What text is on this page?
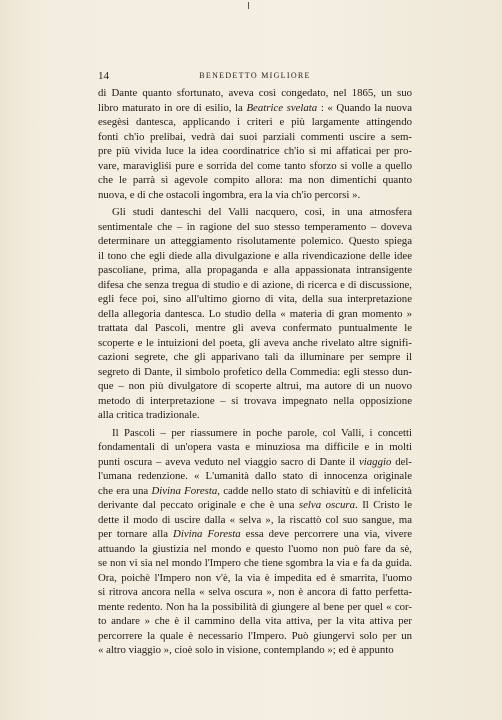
14	BENEDETTO MIGLIORE
di Dante quanto sfortunato, aveva così congedato, nel 1865, un suo
libro maturato in ore di esilio, la Beatrice svelata : « Quando la nuova
esegèsi dantesca, applicando i criteri e più largamente attingendo
fonti ch'io prelibai, vedrà dai suoi parziali commenti uscire a sem-
pre più vivida luce la idea coordinatrice ch'io sì mi affaticai per pro-
vare, maravigliśi pure e sorrida del come tanto sforzo si volle a quello
che le parrà sì agevole compito allora: ma non dimentichi quanto
nuova, e di che ostacoli ingombra, era la via ch'io percorsi ».
Gli studi danteschi del Valli nacquero, così, in una atmosfera
sentimentale che – in ragione del suo stesso temperamento – doveva
determinare un atteggiamento risolutamente polemico. Questo spiega
il tono che egli diede alla divulgazione e alla rivendicazione delle idee
pascoliane, prima, alla propaganda e alla appassionata intransigente
difesa che senza tregua di studio e di azione, di ricerca e di discussione,
egli fece poi, sino all'ultimo giorno di vita, della sua interpretazione
della allegoria dantesca. Lo studio della « materia di gran momento »
trattata dal Pascoli, mentre gli aveva confermato puntualmente le
scoperte e le intuizioni del poeta, gli aveva anche rivelato altre signifi-
cazioni segrete, che gli apparivano tali da illuminare per sempre il
segreto di Dante, il simbolo profetico della Commedia: egli stesso dun-
que – non più divulgatore di scoperte altrui, ma autore di un nuovo
metodo di interpretazione – si trovava impegnato nella opposizione
alla critica tradizionale.
Il Pascoli – per riassumere in poche parole, col Valli, i concetti
fondamentali di un'opera vasta e minuziosa ma difficile e in molti
punti oscura – aveva veduto nel viaggio sacro di Dante il viaggio del-
l'umana redenzione. « L'umanità dallo stato di innocenza originale
che era una Divina Foresta, cadde nello stato di schiavitù e di infelicità
derivante dal peccato originale e che è una selva oscura. Il Cristo le
dette il modo di uscire dalla « selva », la riscattò col suo sangue, ma
per tornare alla Divina Foresta essa deve percorrere una via, vivere
attuando la giustizia nel mondo e questo l'uomo non può fare da sè,
se non vi sia nel mondo l'Impero che tiene sgombra la via e fa da guida.
Ora, poichè l'Impero non v'è, la via è impedita ed è smarrita, l'uomo
si ritrova ancora nella « selva oscura », non è ancora di fatto perfetta-
mente redento. Non ha la possibilità di giungere al bene per quel « cor-
to andare » che è il cammino della vita attiva, per la vita attiva per
percorrere la quale è necessario l'Impero. Può giungervi solo per un
« altro viaggio », cioè solo in visione, contemplando »; ed è appunto
